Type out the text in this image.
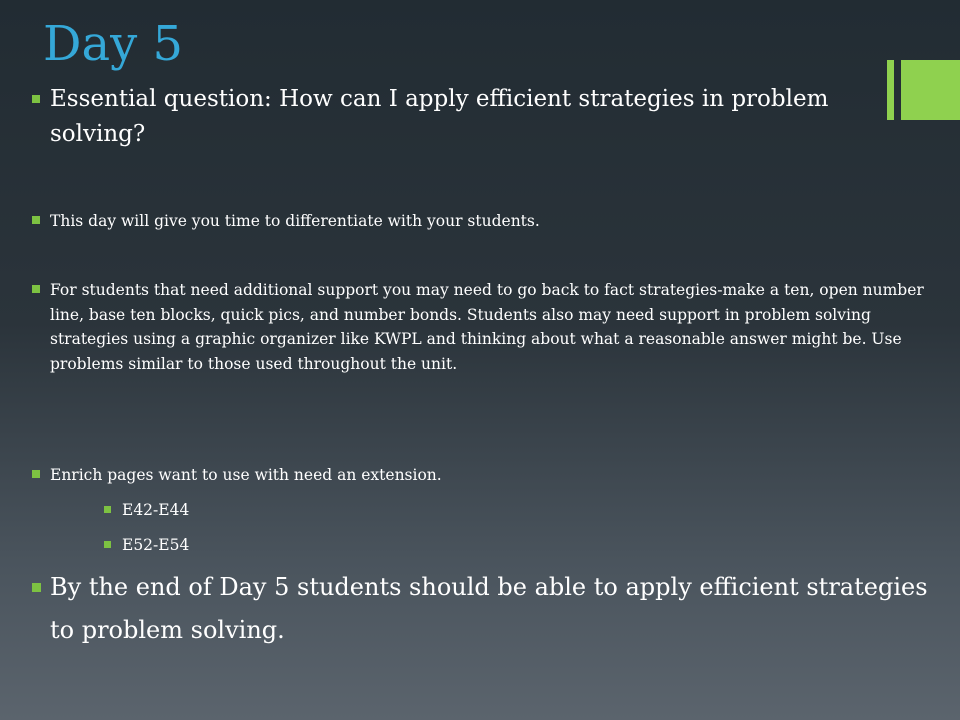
Day 5
Essential question: How can I apply efficient strategies in problem solving?
This day will give you time to differentiate with your students.
For students that need additional support you may need to go back to fact strategies-make a ten, open number line, base ten blocks, quick pics, and number bonds. Students also may need support in problem solving strategies using a graphic organizer like KWPL and thinking about what a reasonable answer might be. Use problems similar to those used throughout the unit.
Enrich pages want to use with need an extension.
E42-E44
E52-E54
By the end of Day 5 students should be able to apply efficient strategies to problem solving.
